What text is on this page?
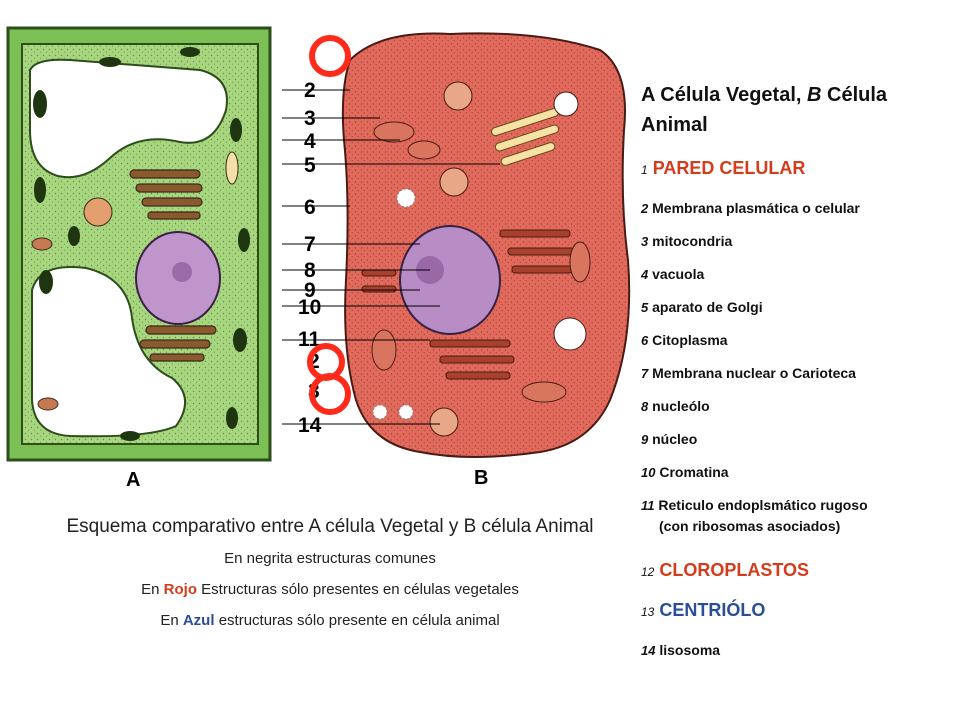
A	B
2
3
4
5
6
7
8
9
10
11
2
3
14
Esquema comparativo entre A célula Vegetal y B célula Animal
En negrita estructuras comunes
En Rojo Estructuras sólo presentes en células vegetales
En Azul estructuras sólo presente en célula animal
A Célula Vegetal, B Célula Animal
1 PARED CELULAR
2 Membrana plasmática o celular
3 mitocondria
4 vacuola
5 aparato de Golgi
6 Citoplasma
7 Membrana nuclear o Carioteca
8 nucleólo
9 núcleo
10 Cromatina
11 Reticulo endoplsmático rugoso
(con ribosomas asociados)
12 CLOROPLASTOS
13 CENTRIÓLO
14 lisosoma
